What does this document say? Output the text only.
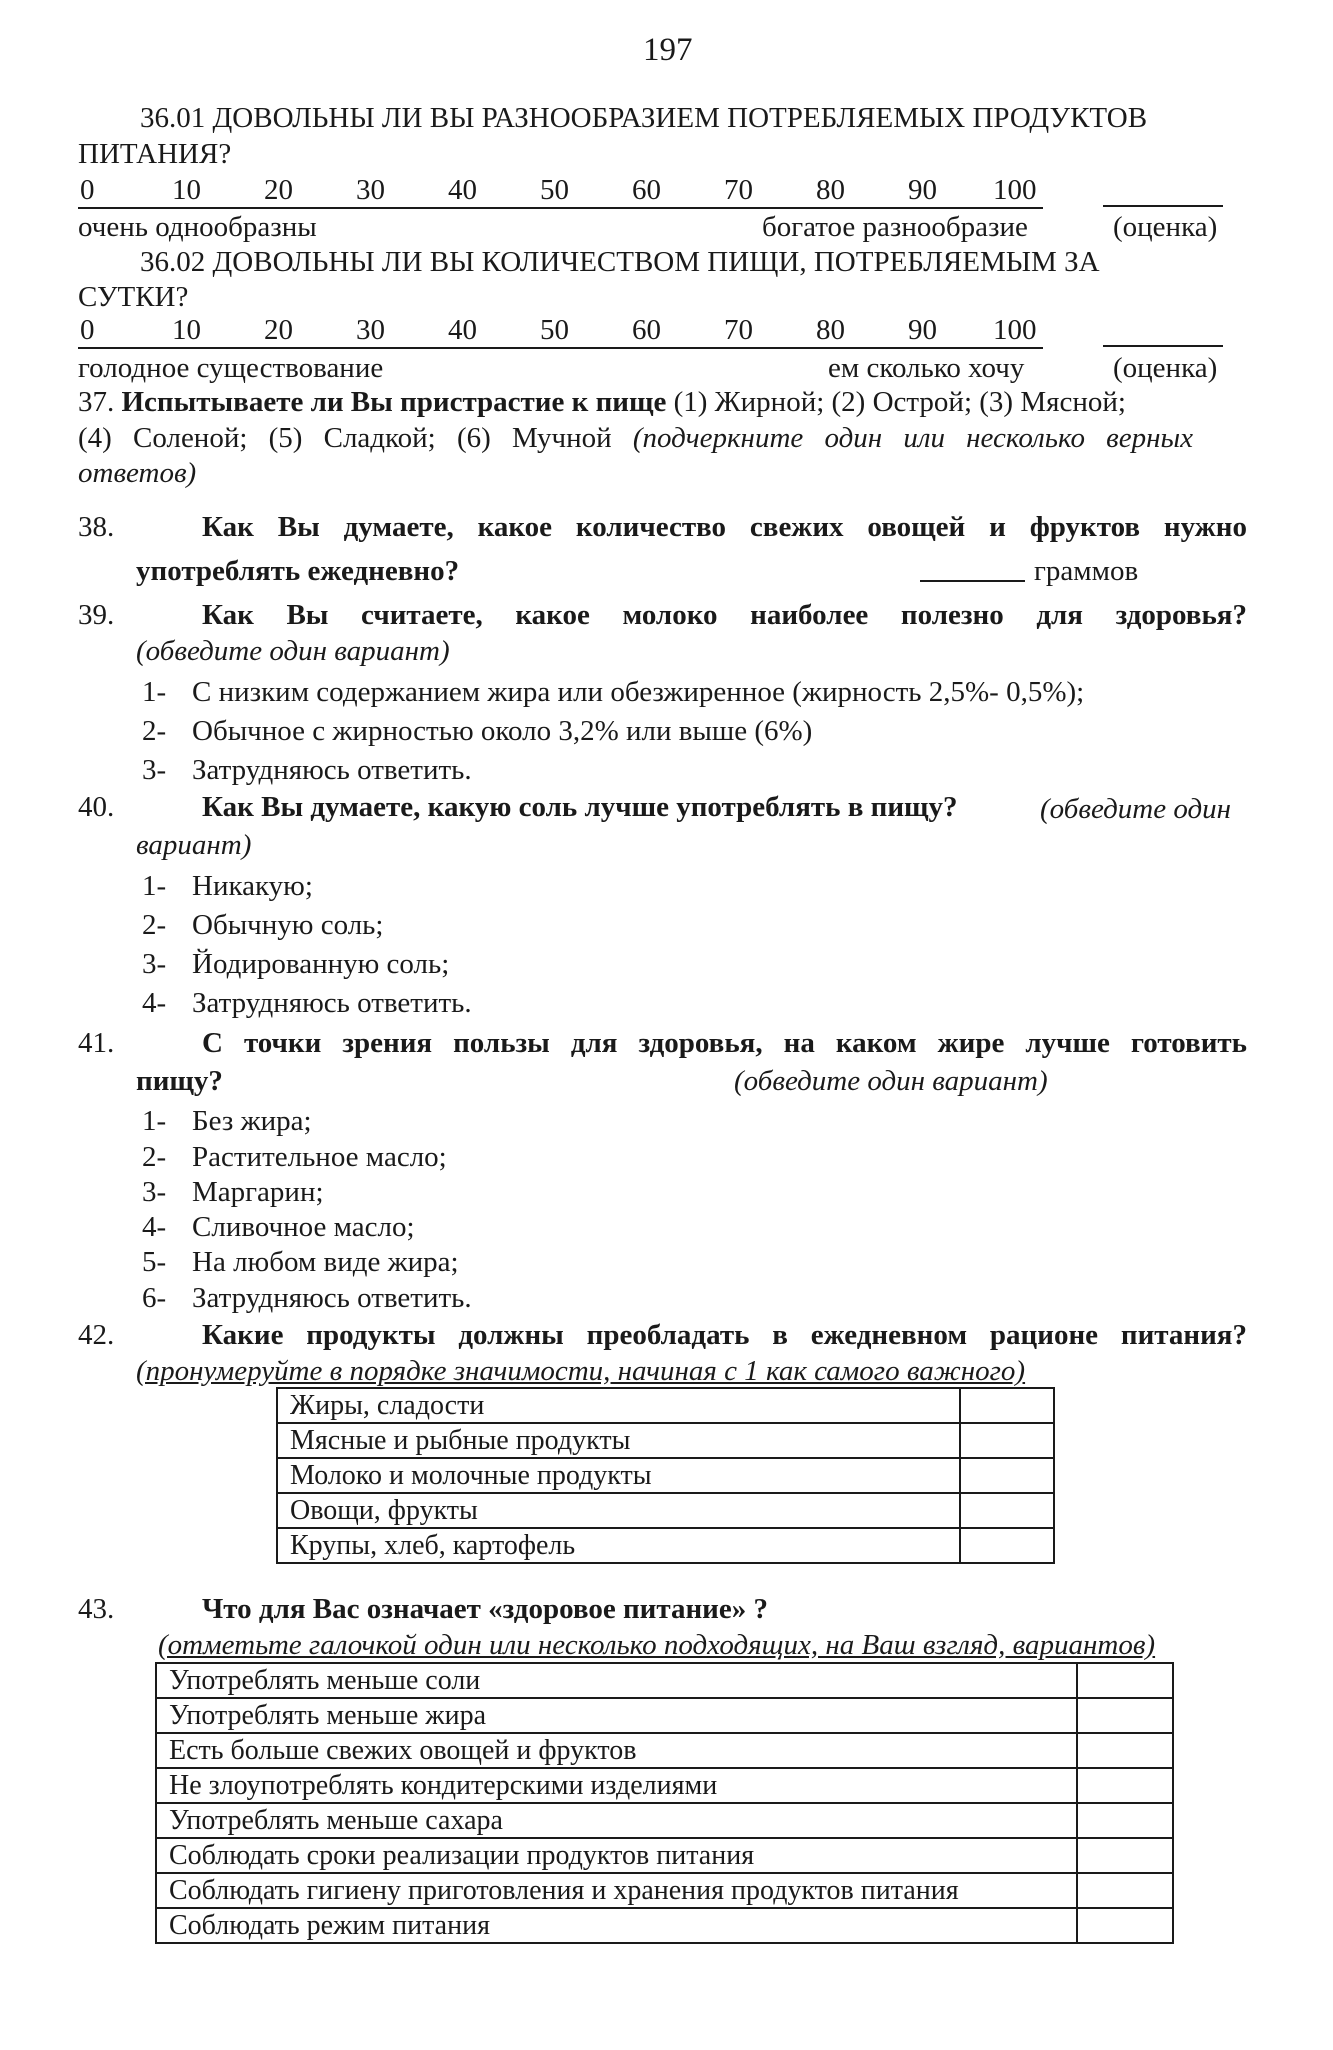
197
36.01 ДОВОЛЬНЫ ЛИ ВЫ РАЗНООБРАЗИЕМ ПОТРЕБЛЯЕМЫХ ПРОДУКТОВ
ПИТАНИЯ?
0	10 20 30 40 50 60 70 80 90 100
очень однообразны	богатое разнообразие	(оценка)
36.02 ДОВОЛЬНЫ ЛИ ВЫ КОЛИЧЕСТВОМ ПИЩИ, ПОТРЕБЛЯЕМЫМ ЗА
СУТКИ?
0	10 20 30 40 50 60 70 80 90 100
голодное существование	ем сколько хочу	(оценка)
37. Испытываете ли Вы пристрастие к пище (1) Жирной; (2) Острой; (3) Мясной;
(4) Соленой; (5) Сладкой; (6) Мучной (подчеркните один или несколько верных
ответов)
38.	Как Вы думаете, какое количество свежих овощей и фруктов нужно
употреблять ежедневно?	граммов
39.	Как Вы считаете, какое молоко наиболее полезно для здоровья?
(обведите один вариант)
1- С низким содержанием жира или обезжиренное (жирность 2,5%- 0,5%);
2- Обычное с жирностью около 3,2% или выше (6%)
3- Затрудняюсь ответить.
40.	Как Вы думаете, какую соль лучше употреблять в пищу?	(обведите один
вариант)
1- Никакую;
2- Обычную соль;
3- Йодированную соль;
4- Затрудняюсь ответить.
41.	С точки зрения пользы для здоровья, на каком жире лучше готовить
пищу?	(обведите один вариант)
1- Без жира;
2- Растительное масло;
3- Маргарин;
4- Сливочное масло;
5- На любом виде жира;
6- Затрудняюсь ответить.
42.	Какие продукты должны преобладать в ежедневном рационе питания?
(пронумеруйте в порядке значимости, начиная с 1 как самого важного)
Жиры, сладости	
Мясные и рыбные продукты	
Молоко и молочные продукты	
Овощи, фрукты	
Крупы, хлеб, картофель	
43.	Что для Вас означает «здоровое питание» ?
(отметьте галочкой один или несколько подходящих, на Ваш взгляд, вариантов)
Употреблять меньше соли	
Употреблять меньше жира	
Есть больше свежих овощей и фруктов	
Не злоупотреблять кондитерскими изделиями	
Употреблять меньше сахара	
Соблюдать сроки реализации продуктов питания	
Соблюдать гигиену приготовления и хранения продуктов питания	
Соблюдать режим питания	
